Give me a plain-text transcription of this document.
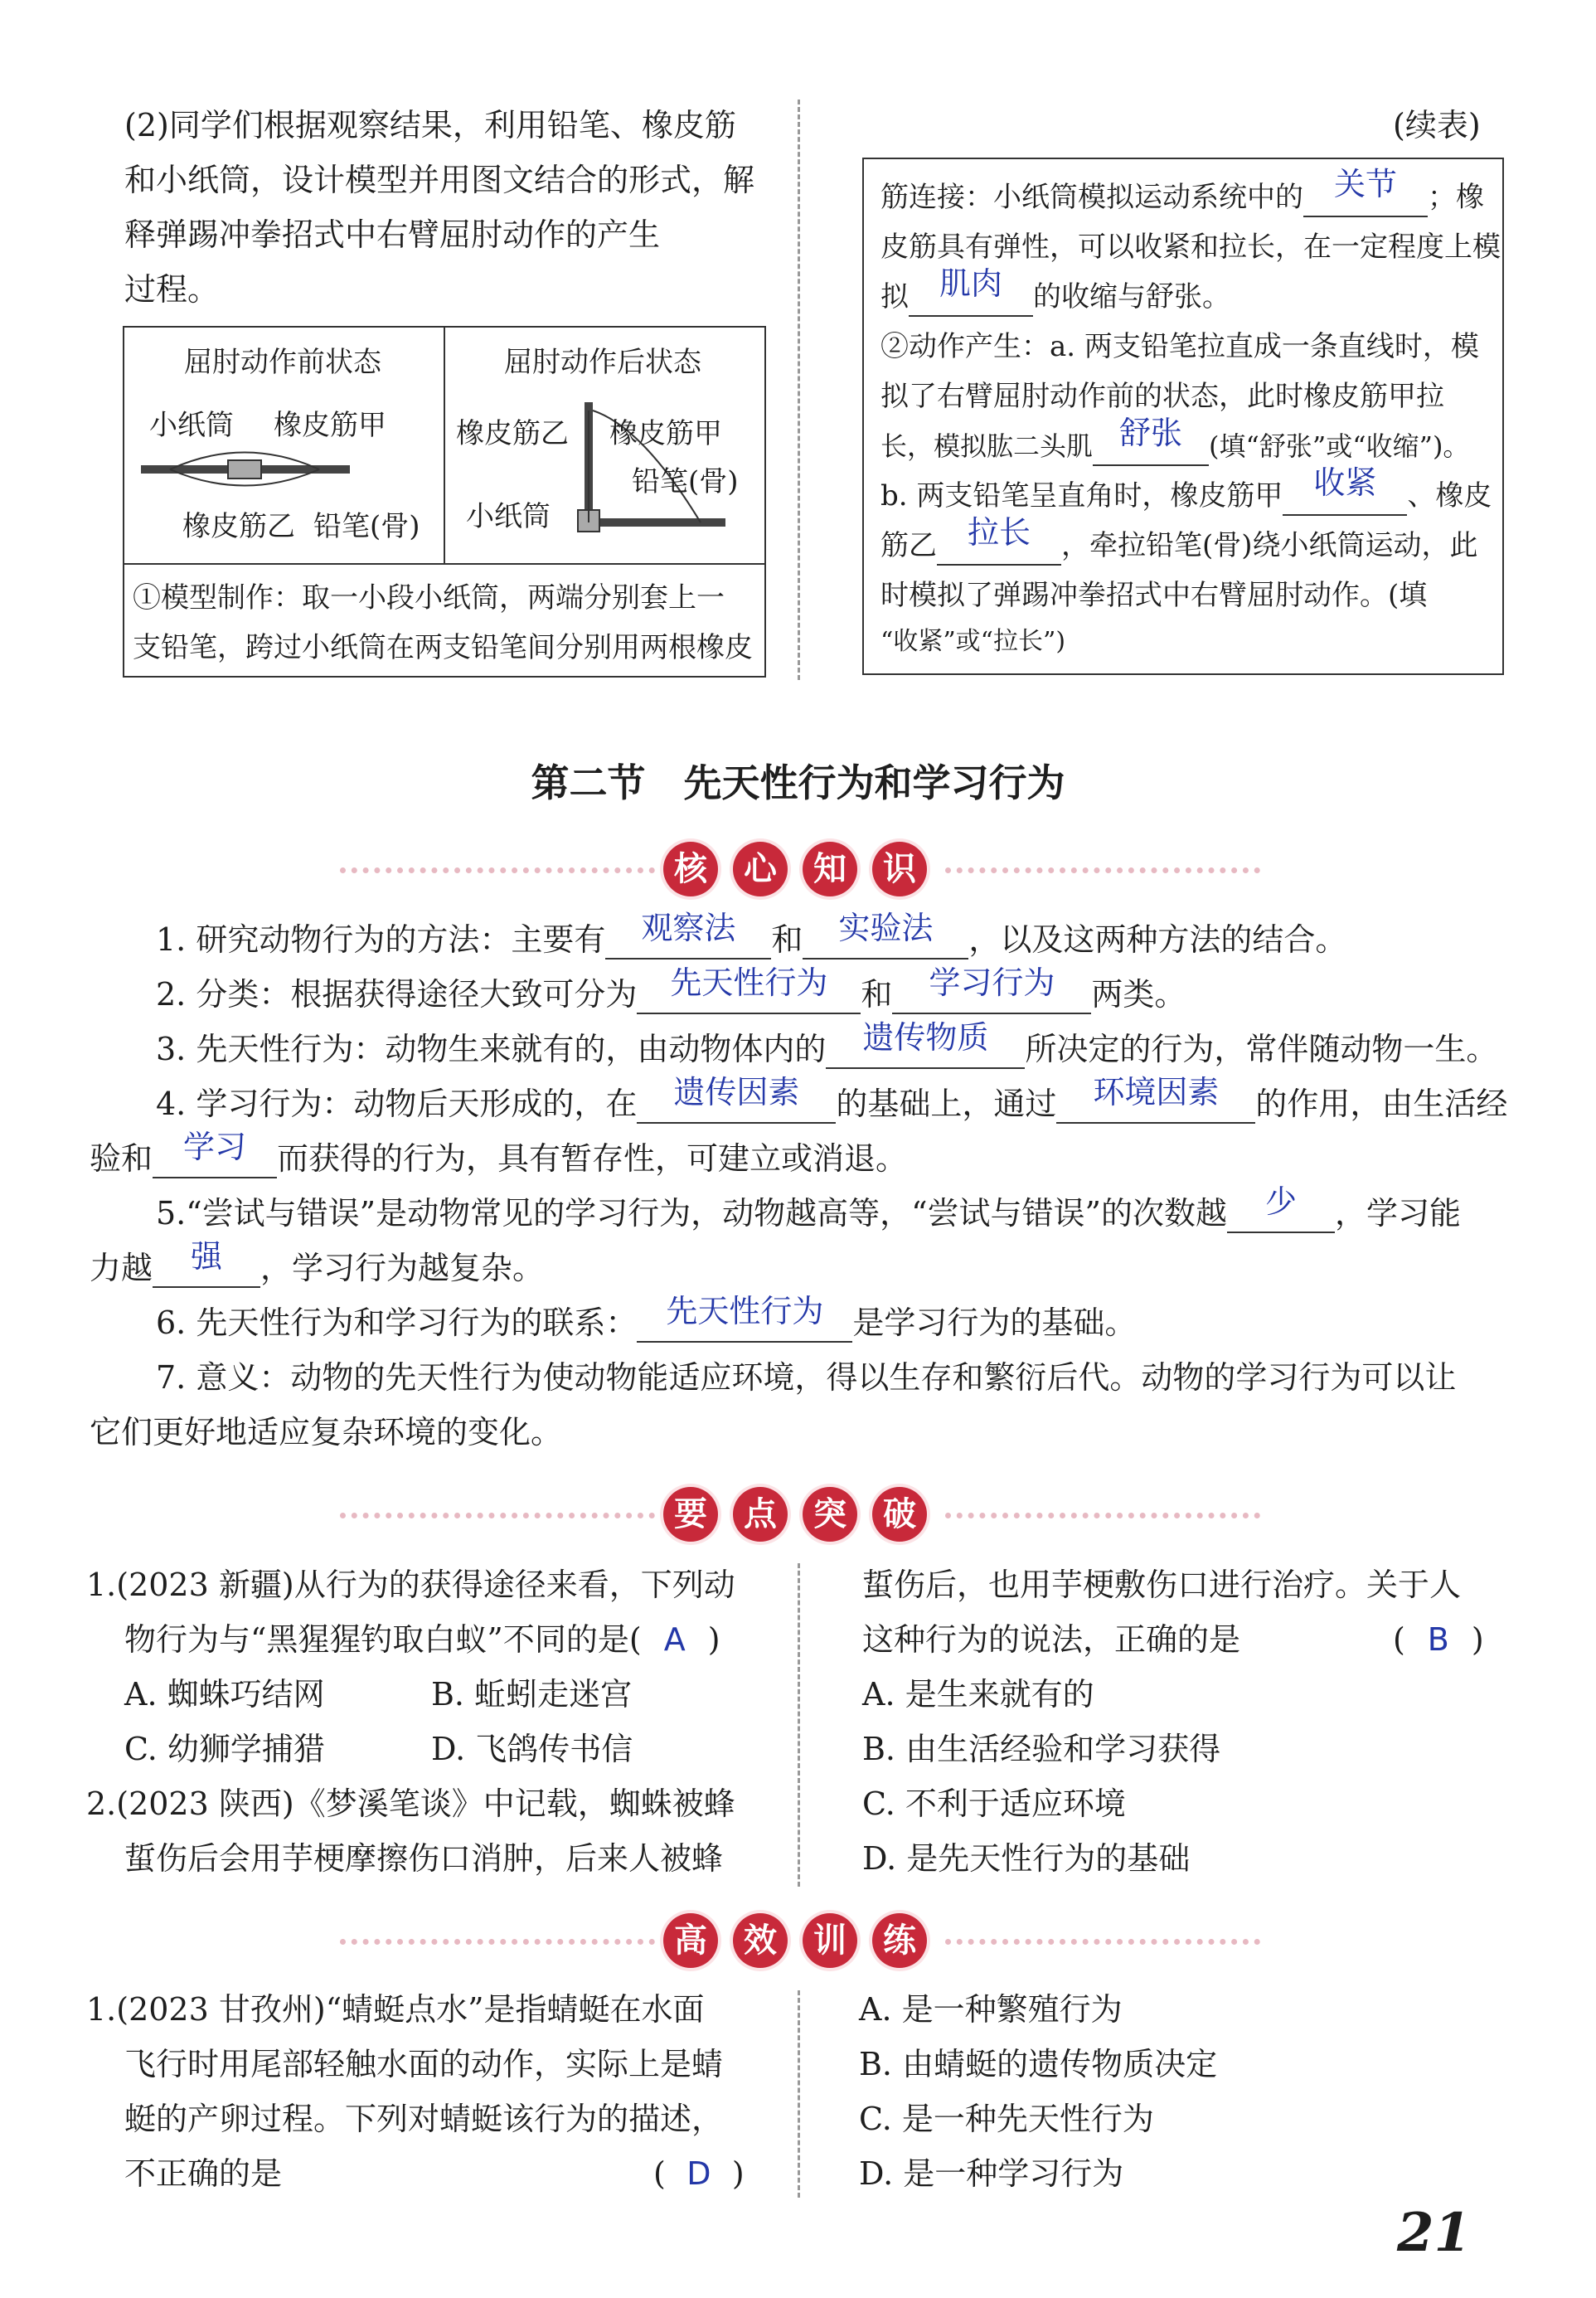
(2)同学们根据观察结果，利用铅笔、橡皮筋
和小纸筒，设计模型并用图文结合的形式，解
释弹踢冲拳招式中右臂屈肘动作的产生
过程。
屈肘动作前状态	屈肘动作后状态
小纸筒 橡皮筋甲
橡皮筋乙 铅笔(骨)
橡皮筋乙 橡皮筋甲
铅笔(骨)
小纸筒
①模型制作：取一小段小纸筒，两端分别套上一
支铅笔，跨过小纸筒在两支铅笔间分别用两根橡皮
(续表)
筋连接：小纸筒模拟运动系统中的 关节 ；橡
皮筋具有弹性，可以收紧和拉长，在一定程度上模
拟 肌肉 的收缩与舒张。
②动作产生：a. 两支铅笔拉直成一条直线时，模
拟了右臂屈肘动作前的状态，此时橡皮筋甲拉
长，模拟肱二头肌 舒张 (填“舒张”或“收缩”)。
b. 两支铅笔呈直角时，橡皮筋甲 收紧 、橡皮
筋乙 拉长 ，牵拉铅笔(骨)绕小纸筒运动，此
时模拟了弹踢冲拳招式中右臂屈肘动作。(填
“收紧”或“拉长”)
第二节　先天性行为和学习行为
核	心	知	识
1. 研究动物行为的方法：主要有 观察法 和 实验法 ，以及这两种方法的结合。
2. 分类：根据获得途径大致可分为 先天性行为 和 学习行为 两类。
3. 先天性行为：动物生来就有的，由动物体内的 遗传物质 所决定的行为，常伴随动物一生。
4. 学习行为：动物后天形成的，在 遗传因素 的基础上，通过 环境因素 的作用，由生活经
验和 学习 而获得的行为，具有暂存性，可建立或消退。
5.“尝试与错误”是动物常见的学习行为，动物越高等，“尝试与错误”的次数越 少 ，学习能
力越 强 ，学习行为越复杂。
6. 先天性行为和学习行为的联系： 先天性行为 是学习行为的基础。
7. 意义：动物的先天性行为使动物能适应环境，得以生存和繁衍后代。动物的学习行为可以让
它们更好地适应复杂环境的变化。
要	点	突	破
1.(2023 新疆)从行为的获得途径来看，下列动
物行为与“黑猩猩钓取白蚁”不同的是( A )
A. 蜘蛛巧结网	B. 蚯蚓走迷宫
C. 幼狮学捕猎	D. 飞鸽传书信
2.(2023 陕西)《梦溪笔谈》中记载，蜘蛛被蜂
蜇伤后会用芋梗摩擦伤口消肿，后来人被蜂
蜇伤后，也用芋梗敷伤口进行治疗。关于人
这种行为的说法，正确的是	( B )
A. 是生来就有的
B. 由生活经验和学习获得
C. 不利于适应环境
D. 是先天性行为的基础
高	效	训	练
1.(2023 甘孜州)“蜻蜓点水”是指蜻蜓在水面
飞行时用尾部轻触水面的动作，实际上是蜻
蜓的产卵过程。下列对蜻蜓该行为的描述，
不正确的是	( D )
A. 是一种繁殖行为
B. 由蜻蜓的遗传物质决定
C. 是一种先天性行为
D. 是一种学习行为
21
